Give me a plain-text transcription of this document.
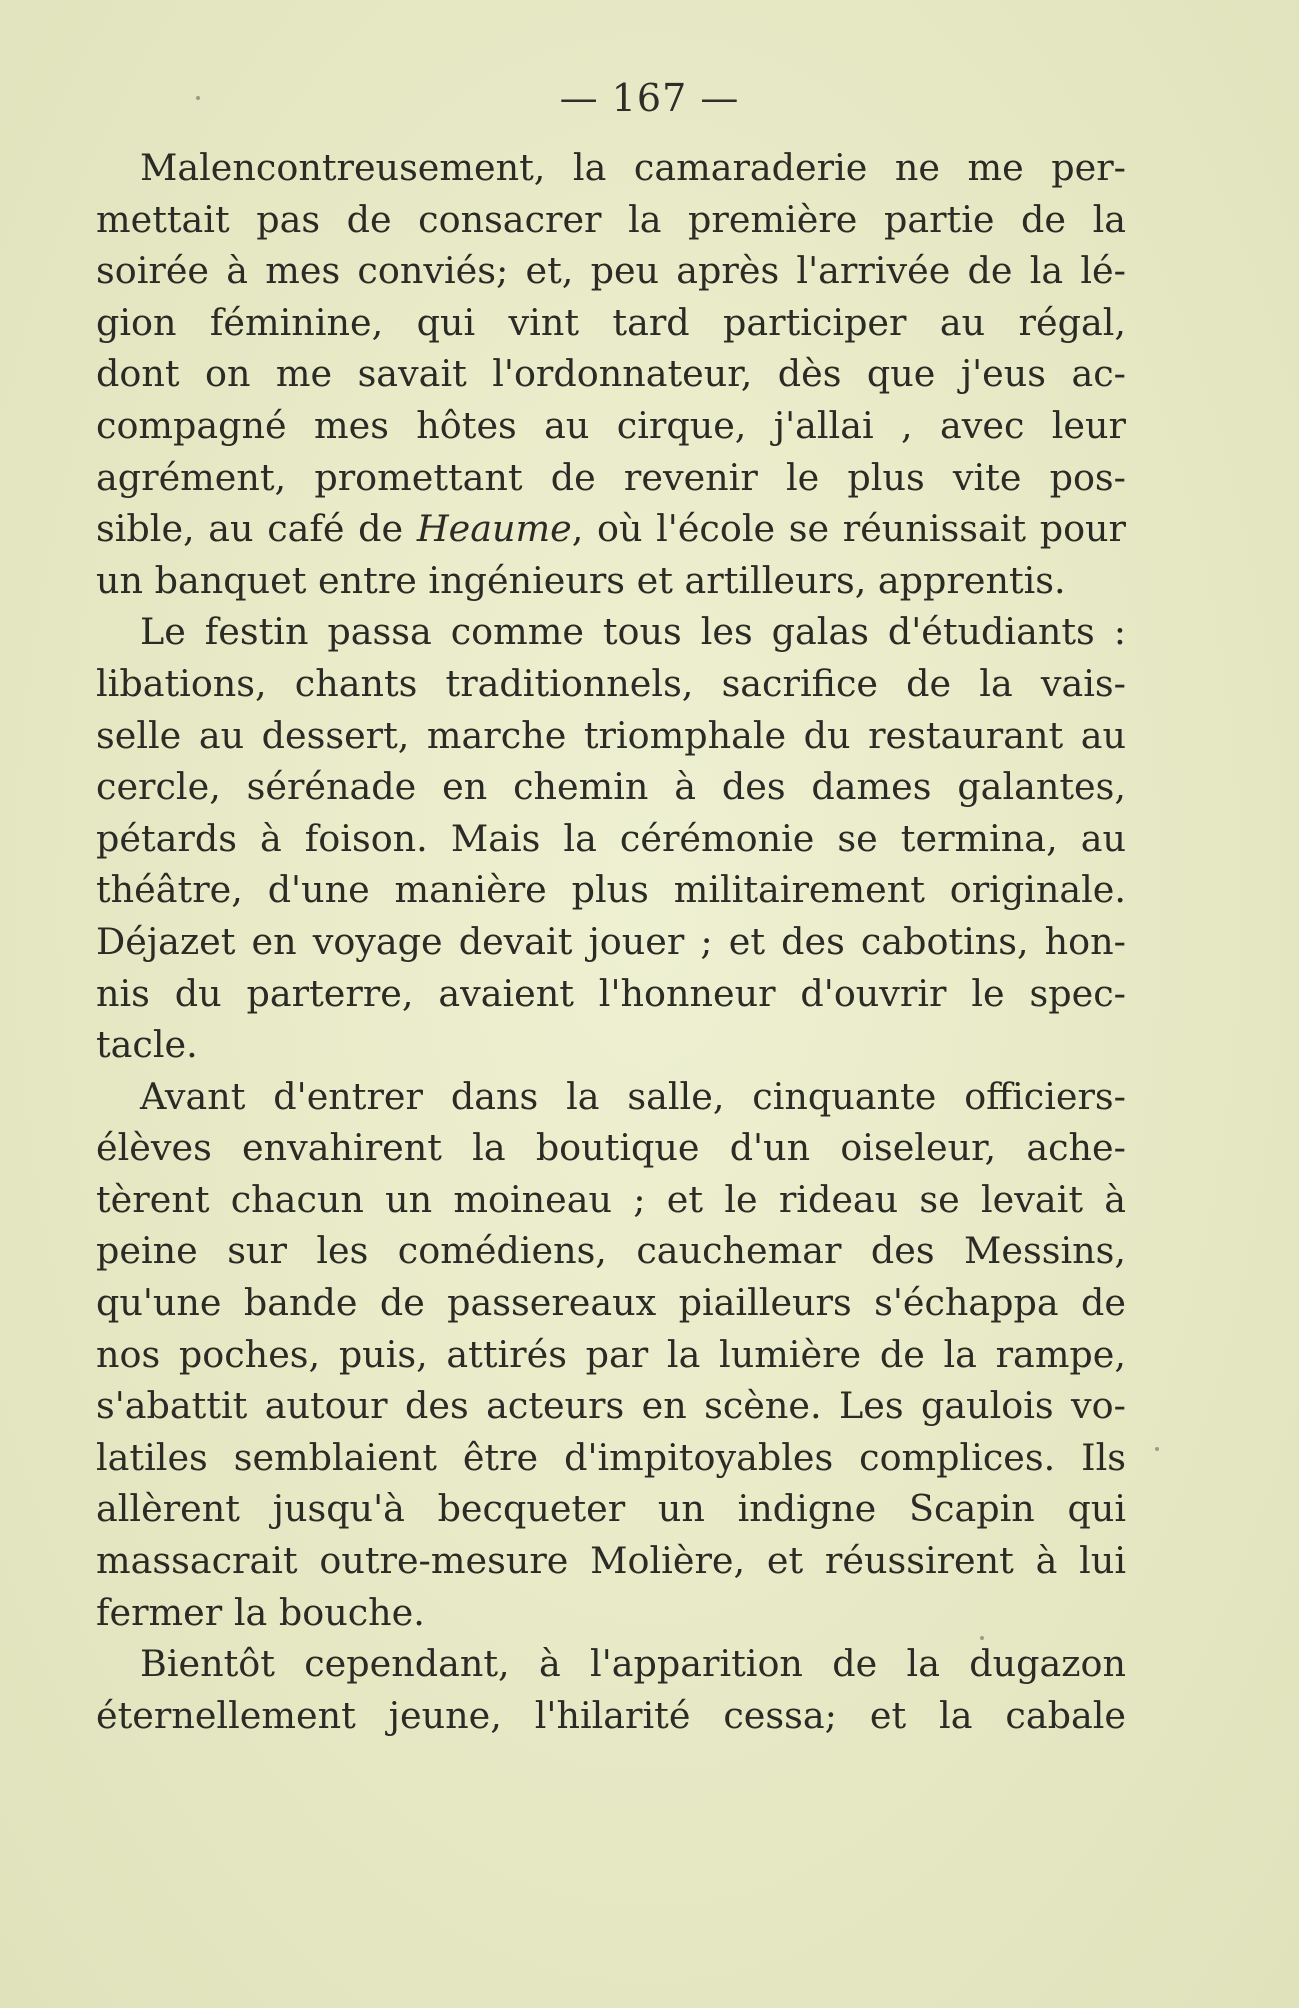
— 167 —
Malencontreusement, la camaraderie ne me per-
mettait pas de consacrer la première partie de la
soirée à mes conviés; et, peu après l'arrivée de la lé-
gion féminine, qui vint tard participer au régal,
dont on me savait l'ordonnateur, dès que j'eus ac-
compagné mes hôtes au cirque, j'allai , avec leur
agrément, promettant de revenir le plus vite pos-
sible, au café de Heaume, où l'école se réunissait pour
un banquet entre ingénieurs et artilleurs, apprentis.
Le festin passa comme tous les galas d'étudiants :
libations, chants traditionnels, sacrifice de la vais-
selle au dessert, marche triomphale du restaurant au
cercle, sérénade en chemin à des dames galantes,
pétards à foison. Mais la cérémonie se termina, au
théâtre, d'une manière plus militairement originale.
Déjazet en voyage devait jouer ; et des cabotins, hon-
nis du parterre, avaient l'honneur d'ouvrir le spec-
tacle.
Avant d'entrer dans la salle, cinquante officiers-
élèves envahirent la boutique d'un oiseleur, ache-
tèrent chacun un moineau ; et le rideau se levait à
peine sur les comédiens, cauchemar des Messins,
qu'une bande de passereaux piailleurs s'échappa de
nos poches, puis, attirés par la lumière de la rampe,
s'abattit autour des acteurs en scène. Les gaulois vo-
latiles semblaient être d'impitoyables complices. Ils
allèrent jusqu'à becqueter un indigne Scapin qui
massacrait outre-mesure Molière, et réussirent à lui
fermer la bouche.
Bientôt cependant, à l'apparition de la dugazon
éternellement jeune, l'hilarité cessa; et la cabale
